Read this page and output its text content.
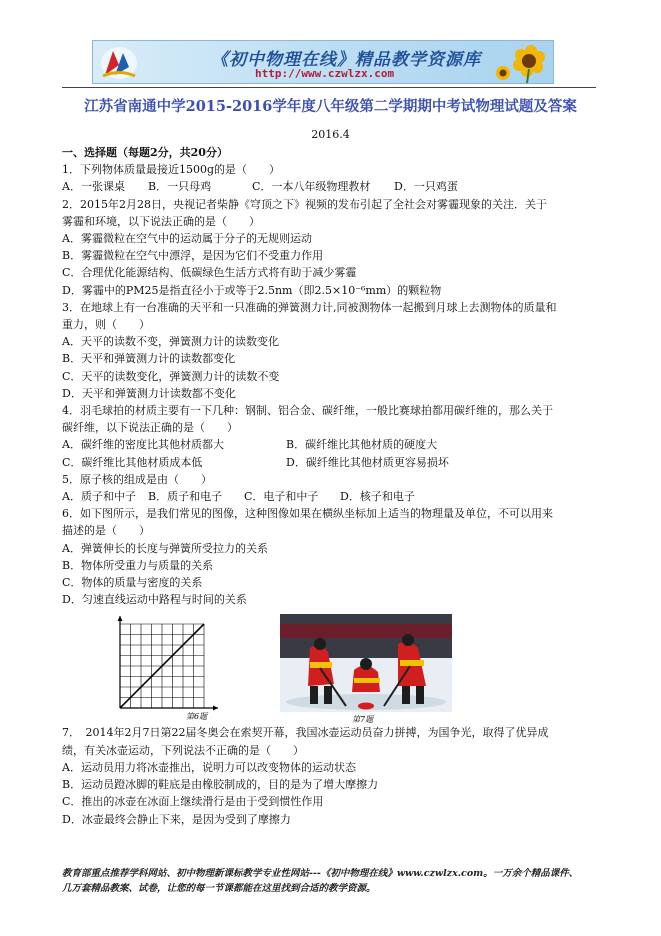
《初中物理在线》精品教学资源库
http://www.czwlzx.com
江苏省南通中学2015-2016学年度八年级第二学期期中考试物理试题及答案
2016.4

一、选择题（每题2分，共20分）

1．下列物体质量最接近1500g的是（　　）

A．一张课桌	B．一只母鸡	C．一本八年级物理教材	D．一只鸡蛋

2．2015年2月28日，央视记者柴静《穹顶之下》视频的发布引起了全社会对雾霾现象的关注．关于

雾霾和环境，以下说法正确的是（　　）

A．雾霾微粒在空气中的运动属于分子的无规则运动

B．雾霾微粒在空气中漂浮，是因为它们不受重力作用

C．合理优化能源结构、低碳绿色生活方式将有助于减少雾霾

D．雾霾中的PM25是指直径小于或等于2.5nm（即2.5×10⁻⁶mm）的颗粒物

3．在地球上有一台准确的天平和一只准确的弹簧测力计,同被测物体一起搬到月球上去测物体的质量和

重力，则（　　）

A．天平的读数不变，弹簧测力计的读数变化

B．天平和弹簧测力计的读数都变化

C．天平的读数变化，弹簧测力计的读数不变

D．天平和弹簧测力计读数都不变化

4．羽毛球拍的材质主要有一下几种：钢制、铝合金、碳纤维，一般比赛球拍都用碳纤维的，那么关于

碳纤维，以下说法正确的是（　　）

A．碳纤维的密度比其他材质都大	B．碳纤维比其他材质的硬度大
C．碳纤维比其他材质成本低	D．碳纤维比其他材质更容易损坏

5．原子核的组成是由（　　）

A．质子和中子	B．质子和电子	C．电子和中子	D．核子和电子

6．如下图所示，是我们常见的图像，这种图像如果在横纵坐标加上适当的物理量及单位，不可以用来

描述的是（　　）

A．弹簧伸长的长度与弹簧所受拉力的关系

B．物体所受重力与质量的关系

C．物体的质量与密度的关系

D．匀速直线运动中路程与时间的关系

第6题	第7题

7．　2014年2月7日第22届冬奥会在索契开幕，我国冰壶运动员奋力拼搏，为国争光，取得了优异成

绩，有关冰壶运动，下列说法不正确的是（　　）

A．运动员用力将冰壶推出，说明力可以改变物体的运动状态

B．运动员蹬冰脚的鞋底是由橡胶制成的，目的是为了增大摩擦力

C．推出的冰壶在冰面上继续滑行是由于受到惯性作用

D．冰壶最终会静止下来，是因为受到了摩擦力

教育部重点推荐学科网站、初中物理新课标教学专业性网站---《初中物理在线》www.czwlzx.com。一万余个精品课件、

几万套精品教案、试卷，让您的每一节课都能在这里找到合适的教学资源。
